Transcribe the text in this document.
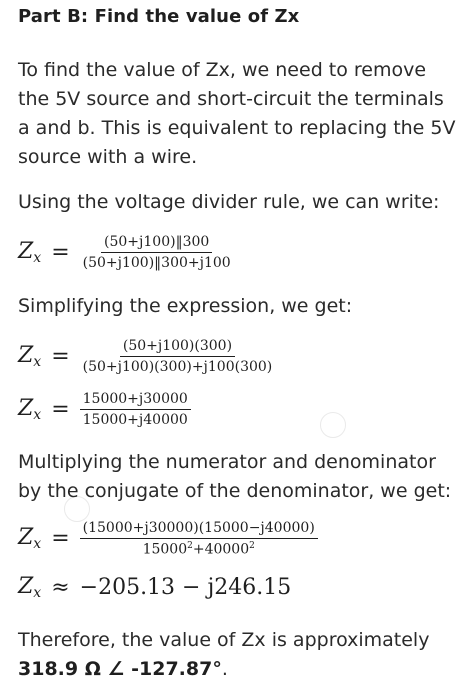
Part B: Find the value of Zx

To find the value of Zx, we need to remove the 5V source and short-circuit the terminals a and b. This is equivalent to replacing the 5V source with a wire.

Using the voltage divider rule, we can write:

$Z_x = \frac{(50+j100)‖300}{(50+j100)‖300+j100}$

Simplifying the expression, we get:

$Z_x = \frac{(50+j100)(300)}{(50+j100)(300)+j100(300)}$
$Z_x = \frac{15000+j30000}{15000+j40000}$

Multiplying the numerator and denominator by the conjugate of the denominator, we get:

$Z_x = \frac{(15000+j30000)(15000-j40000)}{15000^2+40000^2}$
$Z_x \approx -205.13 - j246.15$

Therefore, the value of Zx is approximately
318.9 Ω ∠ -127.87°.
